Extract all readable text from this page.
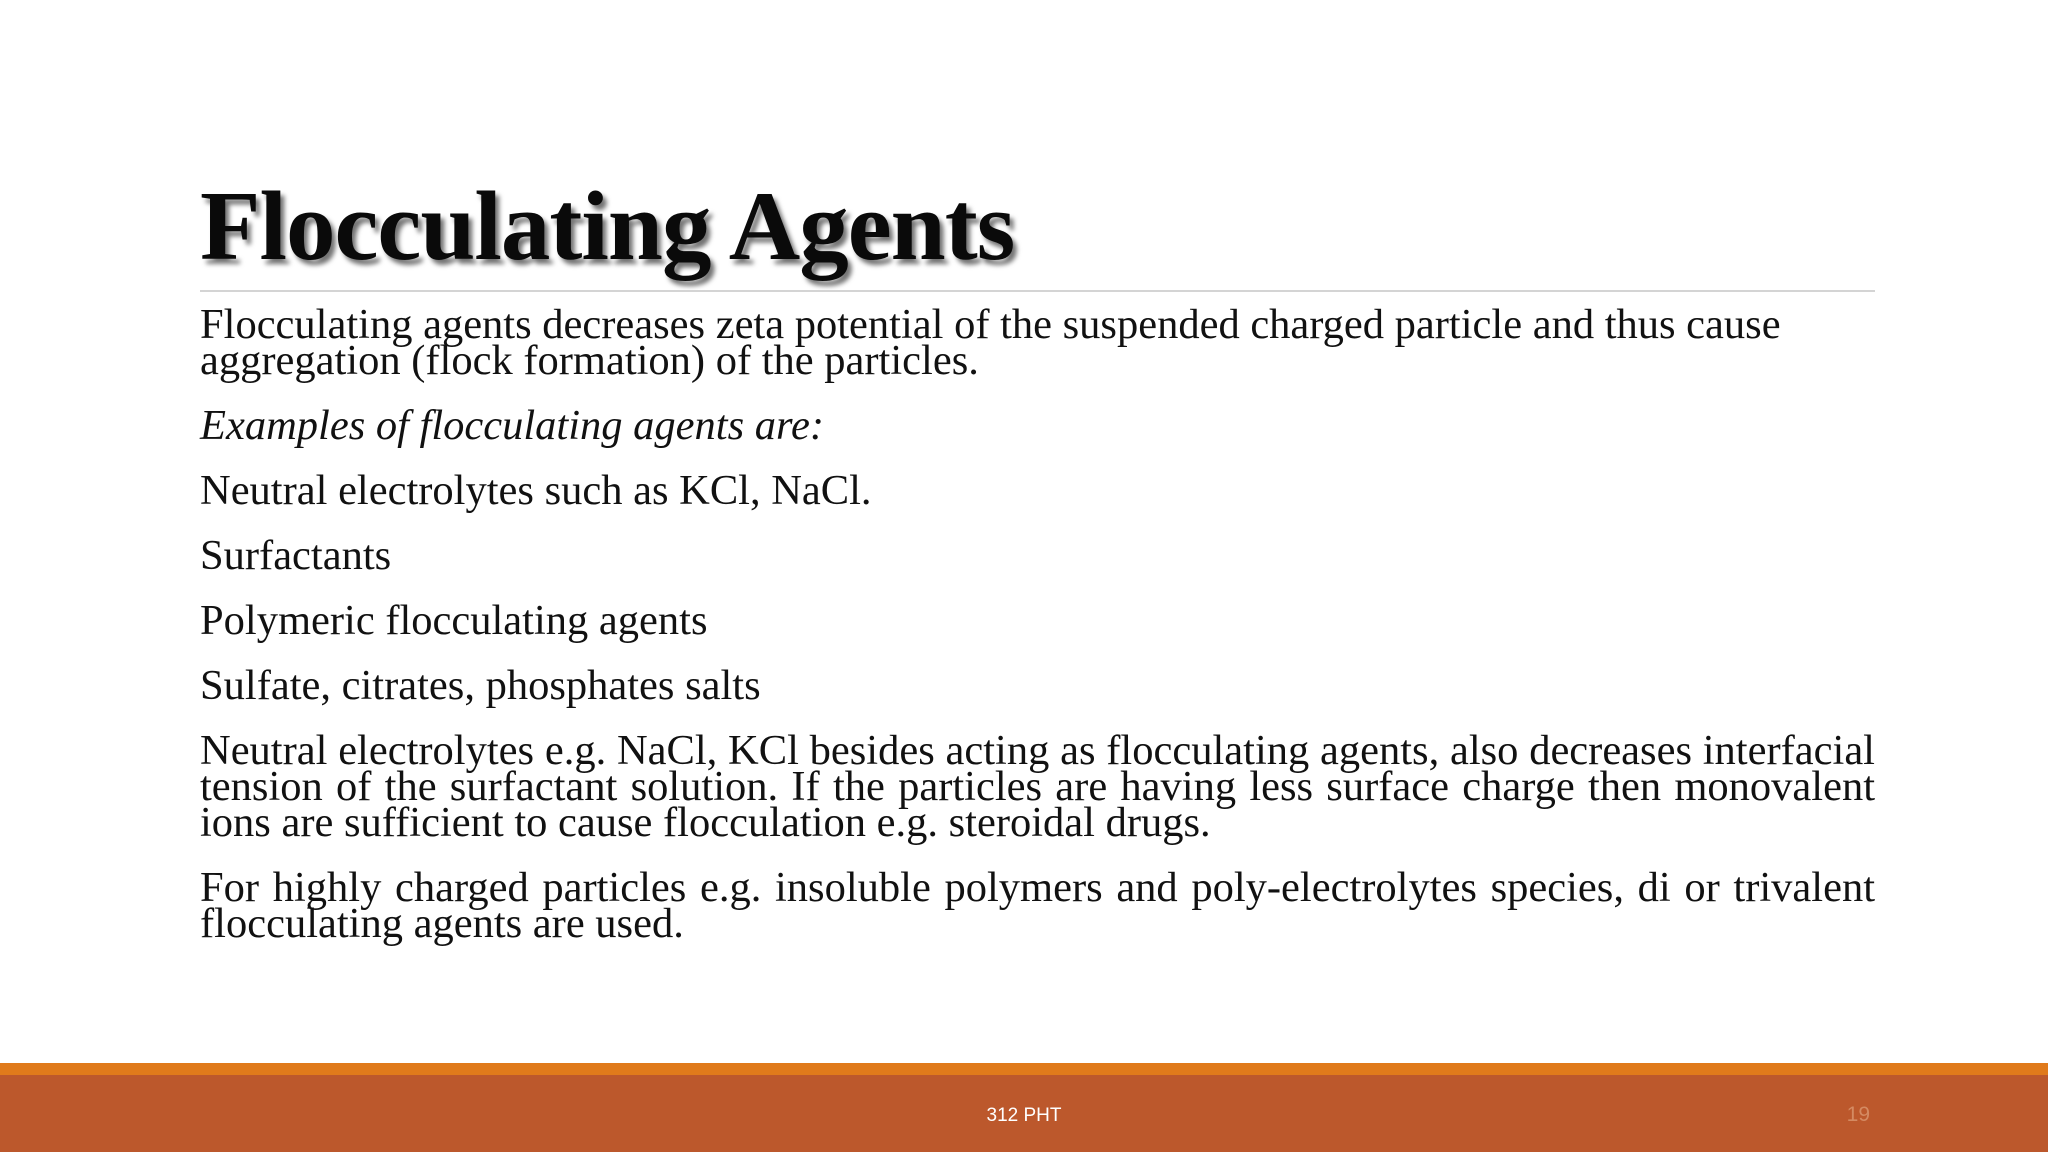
Flocculating Agents

Flocculating agents decreases zeta potential of the suspended charged particle and thus cause aggregation (flock formation) of the particles.

Examples of flocculating agents are:

Neutral electrolytes such as KCl, NaCl.

Surfactants

Polymeric flocculating agents

Sulfate, citrates, phosphates salts

Neutral electrolytes e.g. NaCl, KCl besides acting as flocculating agents, also decreases interfacial tension of the surfactant solution. If the particles are having less surface charge then monovalent ions are sufficient to cause flocculation e.g. steroidal drugs.

For highly charged particles e.g. insoluble polymers and poly-electrolytes species, di or trivalent flocculating agents are used.

312 PHT	19
